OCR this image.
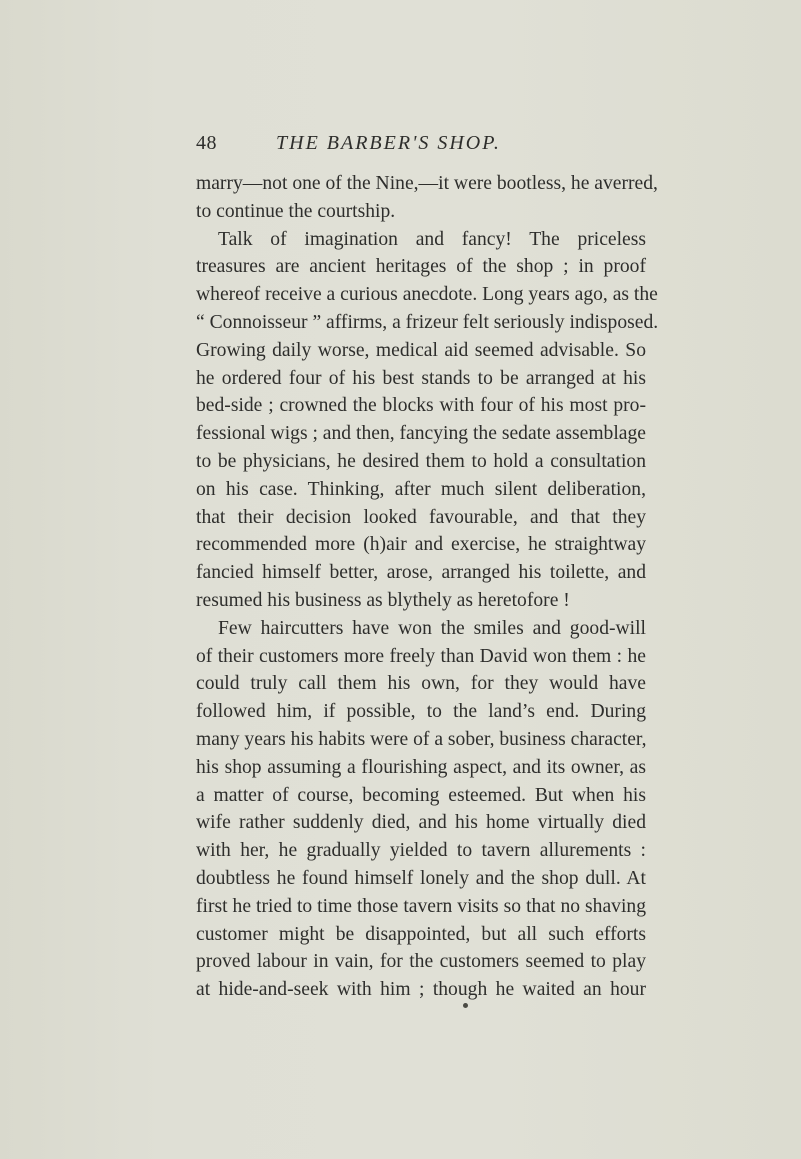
48	THE BARBER'S SHOP.
marry—not one of the Nine,—it were bootless, he averred,
to continue the courtship.
Talk of imagination and fancy! The priceless
treasures are ancient heritages of the shop ; in proof
whereof receive a curious anecdote. Long years ago, as the
“ Connoisseur ” affirms, a frizeur felt seriously indisposed.
Growing daily worse, medical aid seemed advisable. So
he ordered four of his best stands to be arranged at his
bed-side ; crowned the blocks with four of his most pro-
fessional wigs ; and then, fancying the sedate assemblage
to be physicians, he desired them to hold a consultation
on his case. Thinking, after much silent deliberation,
that their decision looked favourable, and that they
recommended more (h)air and exercise, he straightway
fancied himself better, arose, arranged his toilette, and
resumed his business as blythely as heretofore !
Few haircutters have won the smiles and good-will
of their customers more freely than David won them : he
could truly call them his own, for they would have
followed him, if possible, to the land’s end. During
many years his habits were of a sober, business character,
his shop assuming a flourishing aspect, and its owner, as
a matter of course, becoming esteemed. But when his
wife rather suddenly died, and his home virtually died
with her, he gradually yielded to tavern allurements :
doubtless he found himself lonely and the shop dull. At
first he tried to time those tavern visits so that no shaving
customer might be disappointed, but all such efforts
proved labour in vain, for the customers seemed to play
at hide-and-seek with him ; though he waited an hour
